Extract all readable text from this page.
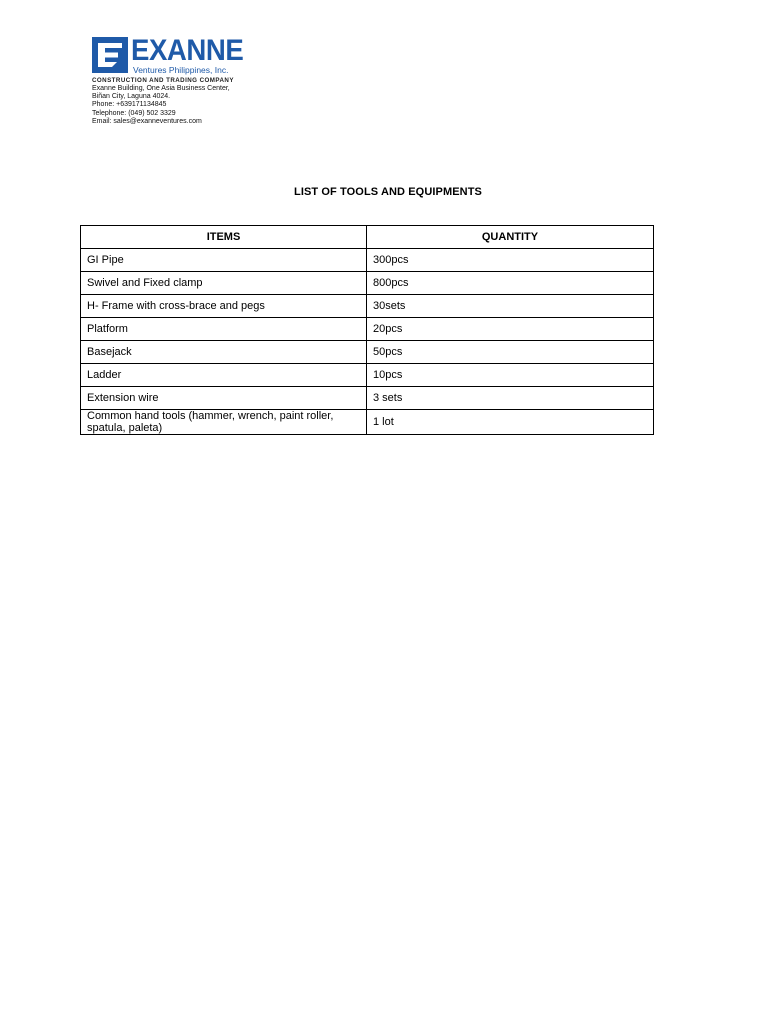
EXANNE
Ventures Philippines, Inc.
CONSTRUCTION AND TRADING COMPANY
Exanne Building, One Asia Business Center,
Biñan City, Laguna 4024.
Phone: +639171134845
Telephone: (049) 502 3329
Email: sales@exanneventures.com
LIST OF TOOLS AND EQUIPMENTS
ITEMS	QUANTITY
GI Pipe	300pcs
Swivel and Fixed clamp	800pcs
H- Frame with cross-brace and pegs	30sets
Platform	20pcs
Basejack	50pcs
Ladder	10pcs
Extension wire	3 sets
Common hand tools (hammer, wrench, paint roller, spatula, paleta)	1 lot
